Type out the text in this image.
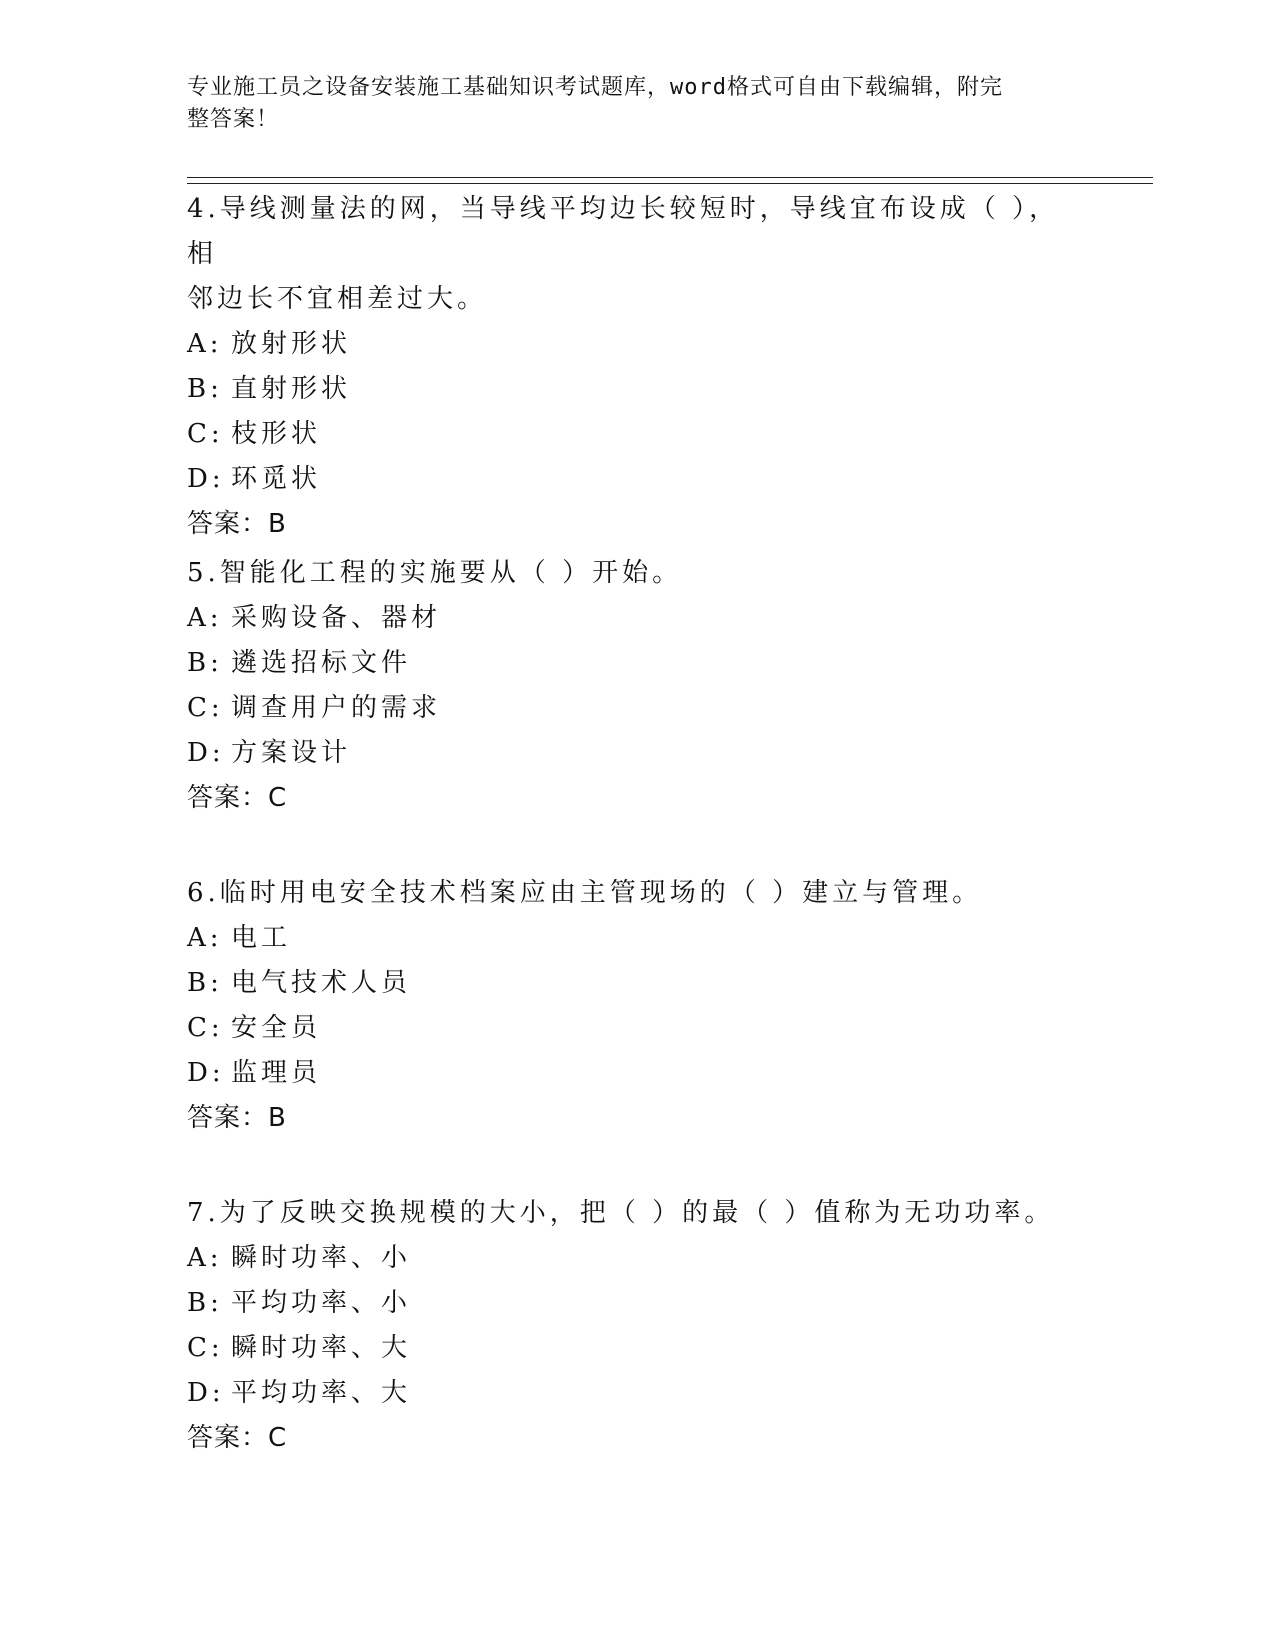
专业施工员之设备安装施工基础知识考试题库，word格式可自由下载编辑，附完
整答案！

4.导线测量法的网，当导线平均边长较短时，导线宜布设成（ ），相

邻边长不宜相差过大。

A: 放射形状

B: 直射形状

C: 枝形状

D: 环觅状

答案：B

5.智能化工程的实施要从（ ）开始。

A: 采购设备、器材

B: 遴选招标文件

C: 调查用户的需求

D: 方案设计

答案：C

6.临时用电安全技术档案应由主管现场的（ ）建立与管理。

A: 电工

B: 电气技术人员

C: 安全员

D: 监理员

答案：B

7.为了反映交换规模的大小，把（ ）的最（ ）值称为无功功率。

A: 瞬时功率、小

B: 平均功率、小

C: 瞬时功率、大

D: 平均功率、大

答案：C
